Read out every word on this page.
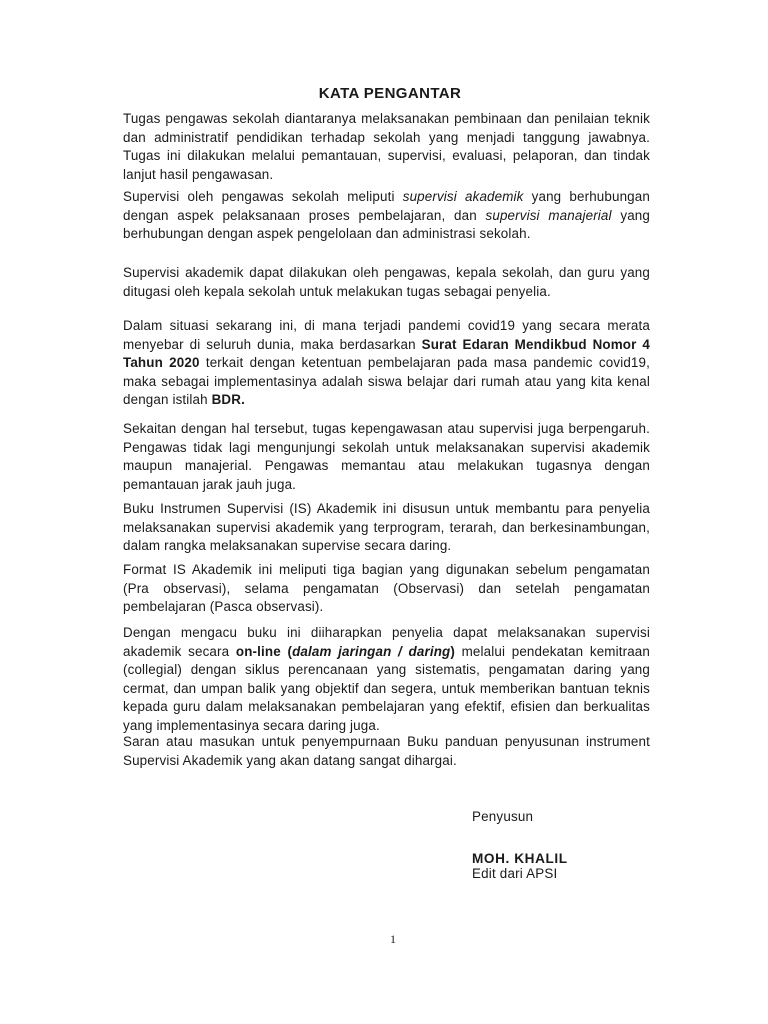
KATA PENGANTAR
Tugas pengawas sekolah diantaranya melaksanakan pembinaan dan penilaian teknik dan administratif pendidikan terhadap sekolah yang menjadi tanggung jawabnya. Tugas ini dilakukan melalui pemantauan, supervisi, evaluasi, pelaporan, dan tindak lanjut hasil pengawasan.
Supervisi oleh pengawas sekolah meliputi supervisi akademik yang berhubungan dengan aspek pelaksanaan proses pembelajaran, dan supervisi manajerial yang berhubungan dengan aspek pengelolaan dan administrasi sekolah.
Supervisi akademik dapat dilakukan oleh pengawas, kepala sekolah, dan guru yang ditugasi oleh kepala sekolah untuk melakukan tugas sebagai penyelia.
Dalam situasi sekarang ini, di mana terjadi pandemi covid19 yang secara merata menyebar di seluruh dunia, maka berdasarkan Surat Edaran Mendikbud Nomor 4 Tahun 2020 terkait dengan ketentuan pembelajaran pada masa pandemic covid19, maka sebagai implementasinya adalah siswa belajar dari rumah atau yang kita kenal dengan istilah BDR.
Sekaitan dengan hal tersebut, tugas kepengawasan atau supervisi juga berpengaruh. Pengawas tidak lagi mengunjungi sekolah untuk melaksanakan supervisi akademik maupun manajerial. Pengawas memantau atau melakukan tugasnya dengan pemantauan jarak jauh juga.
Buku Instrumen Supervisi (IS) Akademik ini disusun untuk membantu para penyelia melaksanakan supervisi akademik yang terprogram, terarah, dan berkesinambungan, dalam rangka melaksanakan supervise secara daring.
Format IS Akademik ini meliputi tiga bagian yang digunakan sebelum pengamatan (Pra observasi), selama pengamatan (Observasi) dan setelah pengamatan pembelajaran (Pasca observasi).
Dengan mengacu buku ini diiharapkan penyelia dapat melaksanakan supervisi akademik secara on-line (dalam jaringan / daring) melalui pendekatan kemitraan (collegial) dengan siklus perencanaan yang sistematis, pengamatan daring yang cermat, dan umpan balik yang objektif dan segera, untuk memberikan bantuan teknis kepada guru dalam melaksanakan pembelajaran yang efektif, efisien dan berkualitas yang implementasinya secara daring juga.
Saran atau masukan untuk penyempurnaan Buku panduan penyusunan instrument Supervisi Akademik yang akan datang sangat dihargai.
Penyusun
MOH. KHALIL
Edit dari APSI
1
